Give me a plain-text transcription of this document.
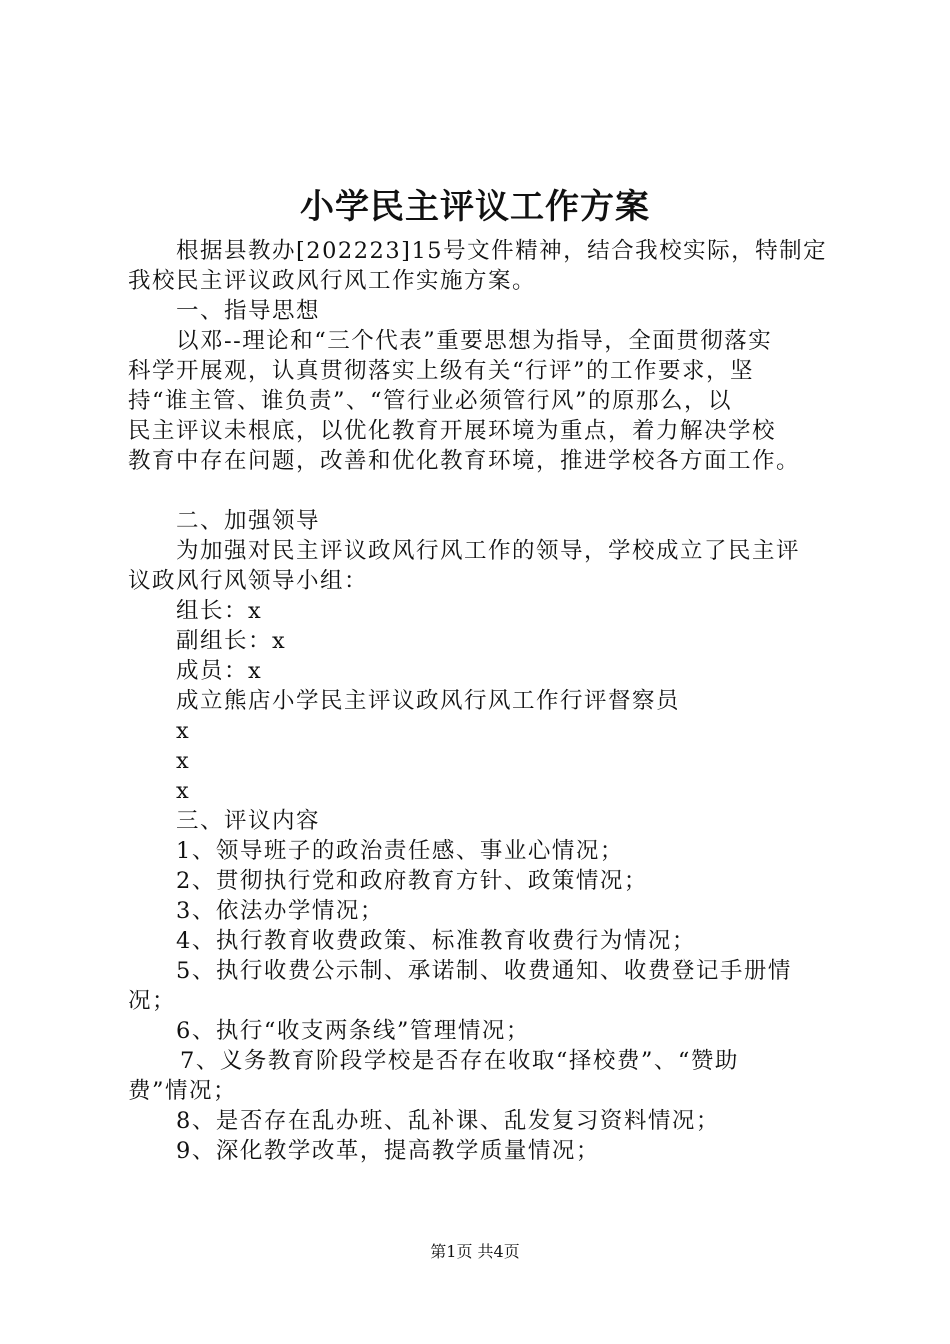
小学民主评议工作方案
根据县教办[202223]15号文件精神，结合我校实际，特制定
我校民主评议政风行风工作实施方案。
一、指导思想
以邓--理论和“三个代表”重要思想为指导，全面贯彻落实
科学开展观，认真贯彻落实上级有关“行评”的工作要求，坚
持“谁主管、谁负责”、“管行业必须管行风”的原那么，以
民主评议未根底，以优化教育开展环境为重点，着力解决学校
教育中存在问题，改善和优化教育环境，推进学校各方面工作。
二、加强领导
为加强对民主评议政风行风工作的领导，学校成立了民主评
议政风行风领导小组：
组长：x
副组长：x
成员：x
成立熊店小学民主评议政风行风工作行评督察员
x
x
x
三、评议内容
1、领导班子的政治责任感、事业心情况；
2、贯彻执行党和政府教育方针、政策情况；
3、依法办学情况；
4、执行教育收费政策、标准教育收费行为情况；
5、执行收费公示制、承诺制、收费通知、收费登记手册情
况；
6、执行“收支两条线”管理情况；
7、义务教育阶段学校是否存在收取“择校费”、“赞助
费”情况；
8、是否存在乱办班、乱补课、乱发复习资料情况；
9、深化教学改革，提高教学质量情况；
第1页 共4页
